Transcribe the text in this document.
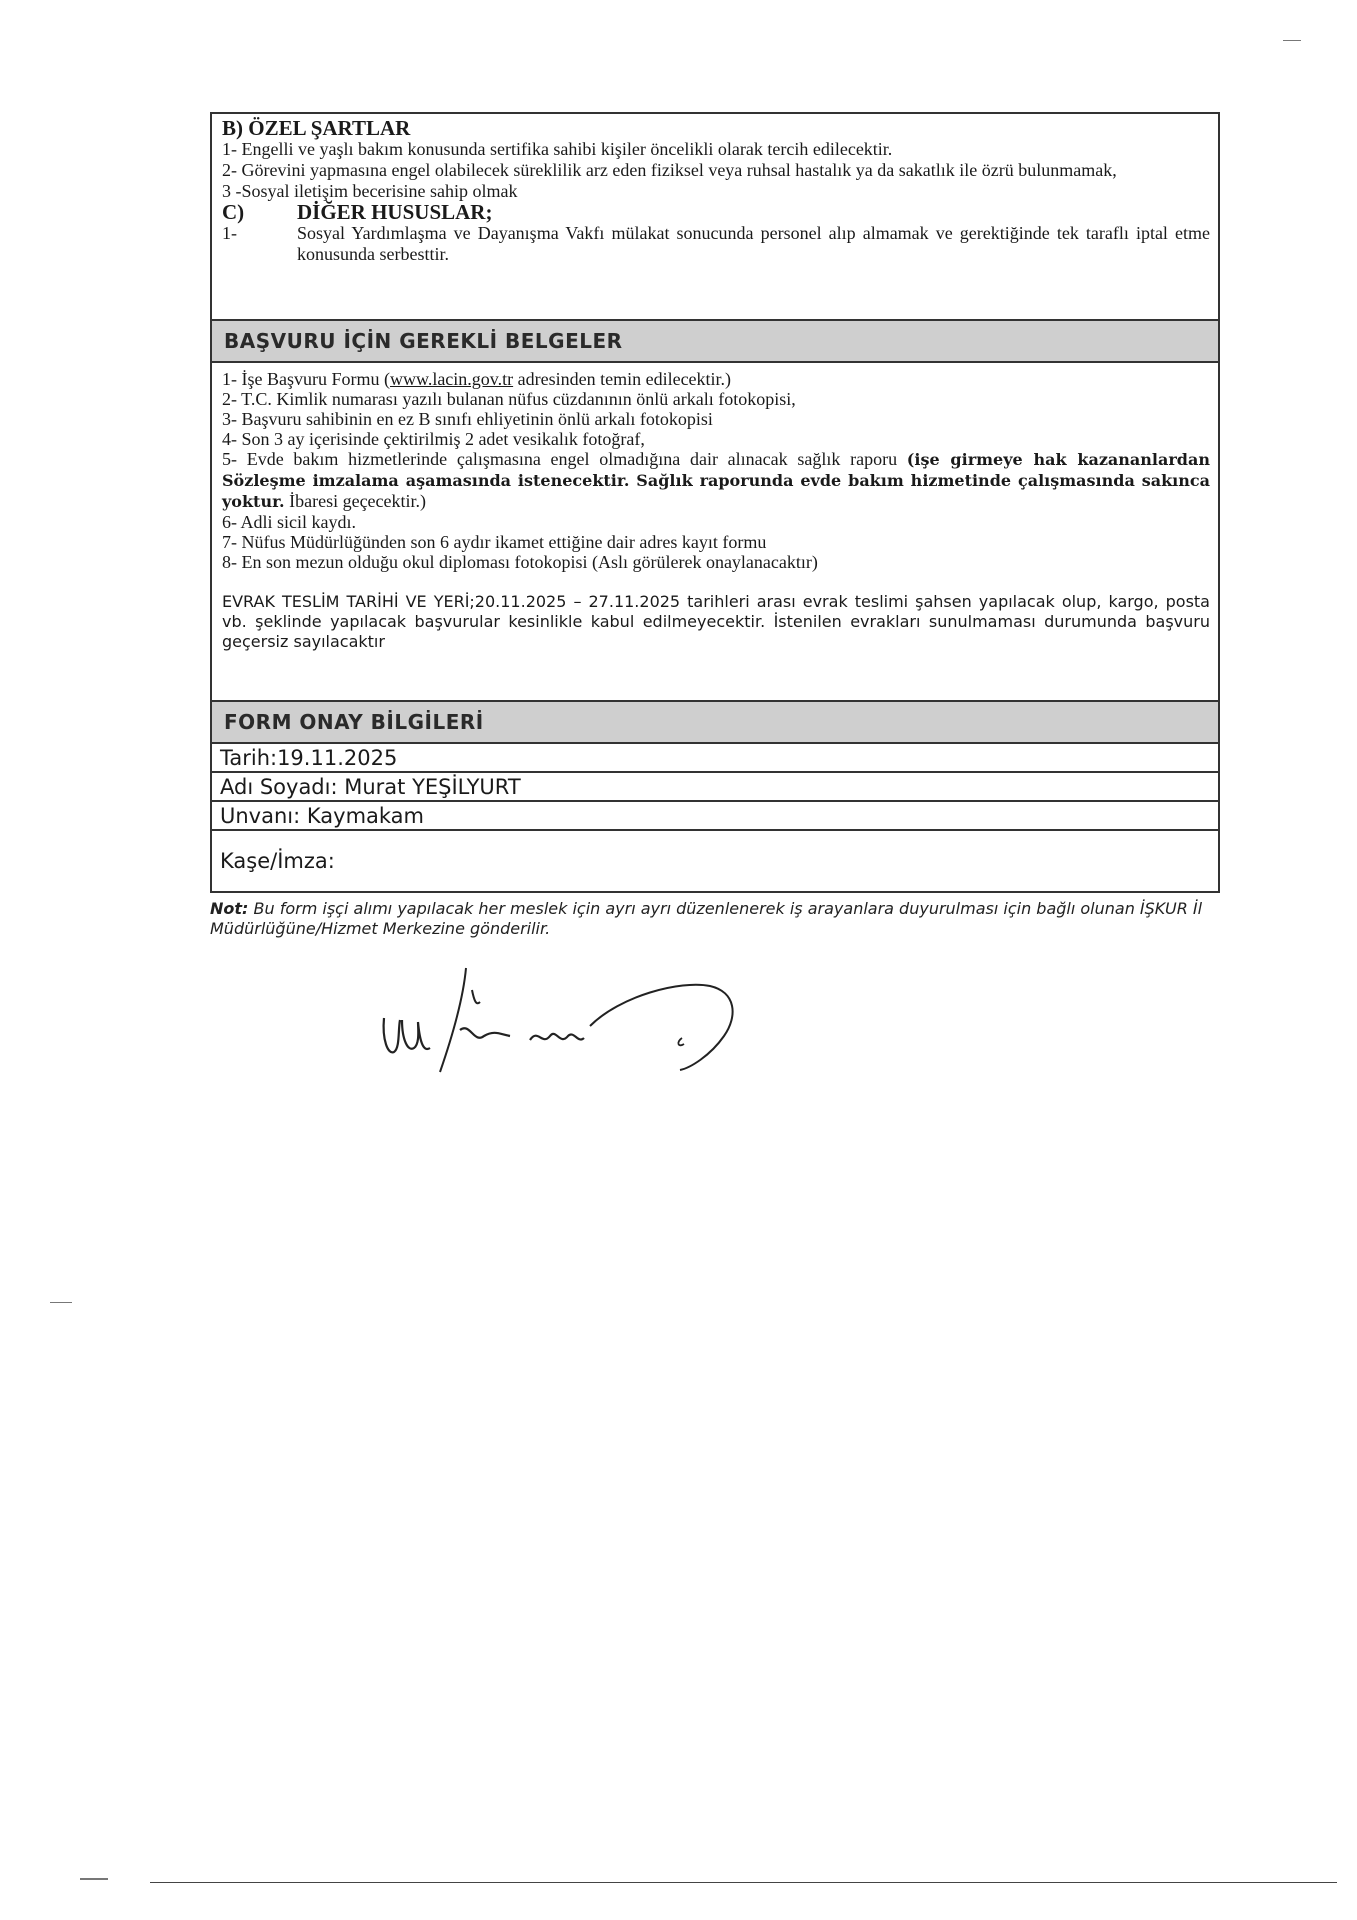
B) ÖZEL ŞARTLAR

1- Engelli ve yaşlı bakım konusunda sertifika sahibi kişiler öncelikli olarak tercih edilecektir.

2- Görevini yapmasına engel olabilecek süreklilik arz eden fiziksel veya ruhsal hastalık ya da sakatlık ile özrü bulunmamak,

3 -Sosyal iletişim becerisine sahip olmak

C)	DİĞER HUSUSLAR;

1-	Sosyal Yardımlaşma ve Dayanışma Vakfı mülakat sonucunda personel alıp almamak ve gerektiğinde tek taraflı iptal etme konusunda serbesttir.

BAŞVURU İÇİN GEREKLİ BELGELER

1- İşe Başvuru Formu (www.lacin.gov.tr adresinden temin edilecektir.)

2- T.C. Kimlik numarası yazılı bulanan nüfus cüzdanının önlü arkalı fotokopisi,

3- Başvuru sahibinin en ez B sınıfı ehliyetinin önlü arkalı fotokopisi

4- Son 3 ay içerisinde çektirilmiş 2 adet vesikalık fotoğraf,

5- Evde bakım hizmetlerinde çalışmasına engel olmadığına dair alınacak sağlık raporu (işe girmeye hak kazananlardan Sözleşme imzalama aşamasında istenecektir. Sağlık raporunda evde bakım hizmetinde çalışmasında sakınca yoktur. İbaresi geçecektir.)

6- Adli sicil kaydı.

7- Nüfus Müdürlüğünden son 6 aydır ikamet ettiğine dair adres kayıt formu

8- En son mezun olduğu okul diploması fotokopisi (Aslı görülerek onaylanacaktır)

EVRAK TESLİM TARİHİ VE YERİ;20.11.2025 – 27.11.2025 tarihleri arası evrak teslimi şahsen yapılacak olup, kargo, posta vb. şeklinde yapılacak başvurular kesinlikle kabul edilmeyecektir. İstenilen evrakları sunulmaması durumunda başvuru geçersiz sayılacaktır

FORM ONAY BİLGİLERİ
Tarih:19.11.2025
Adı Soyadı: Murat YEŞİLYURT
Unvanı: Kaymakam
Kaşe/İmza:

Not: Bu form işçi alımı yapılacak her meslek için ayrı ayrı düzenlenerek iş arayanlara duyurulması için bağlı olunan İŞKUR İl Müdürlüğüne/Hizmet Merkezine gönderilir.
